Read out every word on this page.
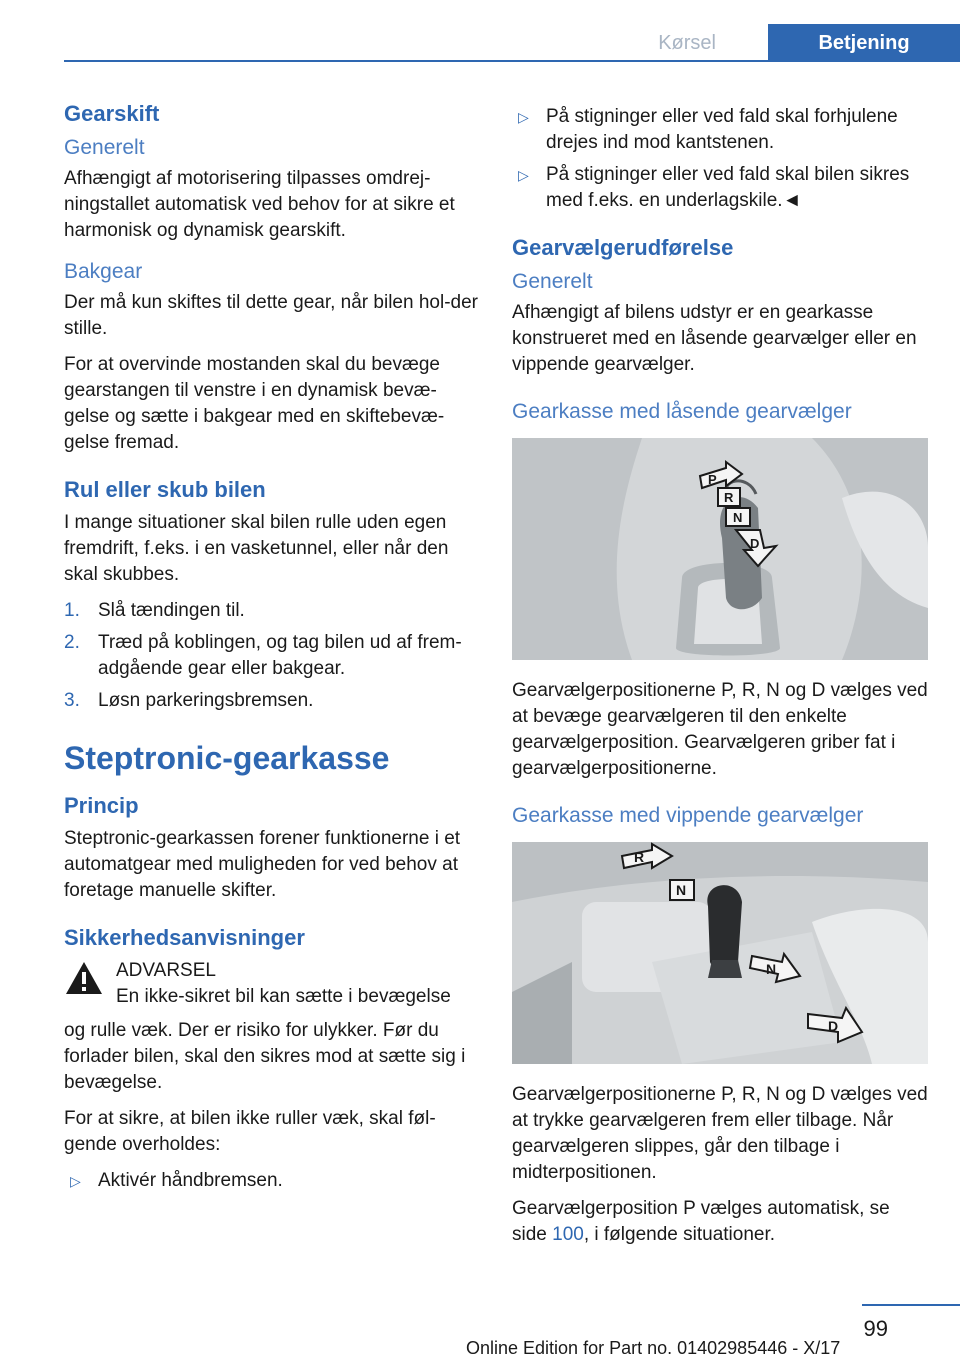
Kørsel	Betjening
Gearskift
Generelt

Afhængigt af motorisering tilpasses omdrej-ningstallet automatisk ved behov for at sikre et harmonisk og dynamisk gearskift.

Bakgear

Der må kun skiftes til dette gear, når bilen hol-der stille.

For at overvinde mostanden skal du bevæge gearstangen til venstre i en dynamisk bevæ-gelse og sætte i bakgear med en skiftebevæ-gelse fremad.

Rul eller skub bilen

I mange situationer skal bilen rulle uden egen fremdrift, f.eks. i en vasketunnel, eller når den skal skubbes.

1. Slå tændingen til.
2. Træd på koblingen, og tag bilen ud af frem-adgående gear eller bakgear.
3. Løsn parkeringsbremsen.
Steptronic-gearkasse
Princip

Steptronic-gearkassen forener funktionerne i et automatgear med muligheden for ved behov at foretage manuelle skifter.

Sikkerhedsanvisninger
ADVARSEL
En ikke-sikret bil kan sætte i bevægelse

og rulle væk. Der er risiko for ulykker. Før du forlader bilen, skal den sikres mod at sætte sig i bevægelse.

For at sikre, at bilen ikke ruller væk, skal føl-gende overholdes:

▷ Aktivér håndbremsen.
▷ På stigninger eller ved fald skal forhjulene drejes ind mod kantstenen.
▷ På stigninger eller ved fald skal bilen sikres med f.eks. en underlagskile.◄
Gearvælgerudførelse
Generelt

Afhængigt af bilens udstyr er en gearkasse konstrueret med en låsende gearvælger eller en vippende gearvælger.

Gearkasse med låsende gearvælger
P
R
N
D

Gearvælgerpositionerne P, R, N og D vælges ved at bevæge gearvælgeren til den enkelte gearvælgerposition. Gearvælgeren griber fat i gearvælgerpositionerne.

Gearkasse med vippende gearvælger
R
N
N
D

Gearvælgerpositionerne P, R, N og D vælges ved at trykke gearvælgeren frem eller tilbage. Når gearvælgeren slippes, går den tilbage i midterpositionen.

Gearvælgerposition P vælges automatisk, se side 100, i følgende situationer.

99
Online Edition for Part no. 01402985446 - X/17
